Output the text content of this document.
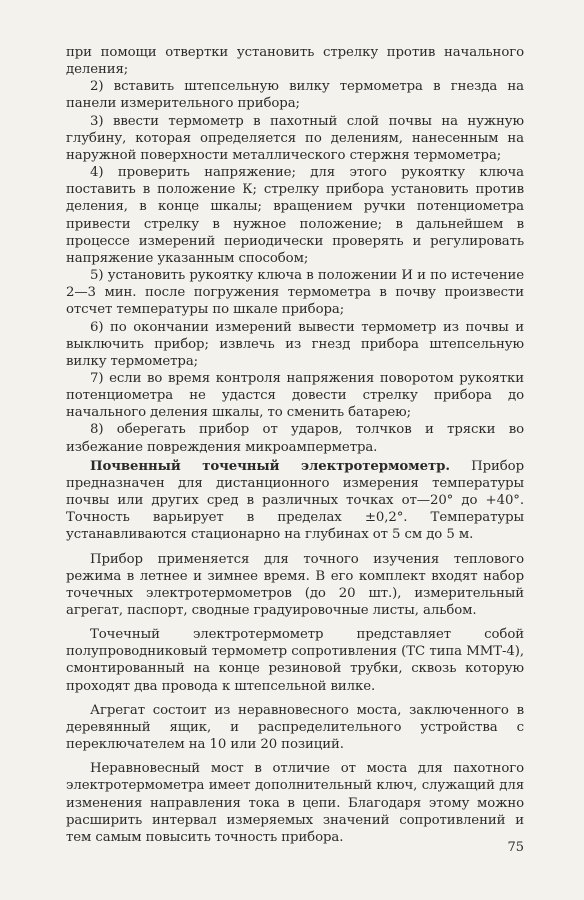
при помощи отвертки установить стрелку против начального деления;

2) вставить штепсельную вилку термометра в гнезда на панели измерительного прибора;

3) ввести термометр в пахотный слой почвы на нужную глубину, которая определяется по делениям, нанесенным на наружной поверхности металлического стержня термометра;

4) проверить напряжение; для этого рукоятку ключа поставить в положение К; стрелку прибора установить против деления, в конце шкалы; вращением ручки потенциометра привести стрелку в нужное положение; в дальнейшем в процессе измерений периодически проверять и регулировать напряжение указанным способом;

5) установить рукоятку ключа в положении И и по истечение 2—3 мин. после погружения термометра в почву произвести отсчет температуры по шкале прибора;

6) по окончании измерений вывести термометр из почвы и выключить прибор; извлечь из гнезд прибора штепсельную вилку термометра;

7) если во время контроля напряжения поворотом рукоятки потенциометра не удастся довести стрелку прибора до начального деления шкалы, то сменить батарею;

8) оберегать прибор от ударов, толчков и тряски во избежание повреждения микроамперметра.

Почвенный точечный электротермометр. Прибор предназначен для дистанционного измерения температуры почвы или других сред в различных точках от—20° до +40°. Точность варьирует в пределах ±0,2°. Температуры устанавливаются стационарно на глубинах от 5 см до 5 м.

Прибор применяется для точного изучения теплового режима в летнее и зимнее время. В его комплект входят набор точечных электротермометров (до 20 шт.), измерительный агрегат, паспорт, сводные градуировочные листы, альбом.

Точечный электротермометр представляет собой полупроводниковый термометр сопротивления (ТС типа ММТ-4), смонтированный на конце резиновой трубки, сквозь которую проходят два провода к штепсельной вилке.

Агрегат состоит из неравновесного моста, заключенного в деревянный ящик, и распределительного устройства с переключателем на 10 или 20 позиций.

Неравновесный мост в отличие от моста для пахотного электротермометра имеет дополнительный ключ, служащий для изменения направления тока в цепи. Благодаря этому можно расширить интервал измеряемых значений сопротивлений и тем самым повысить точность прибора.

75
